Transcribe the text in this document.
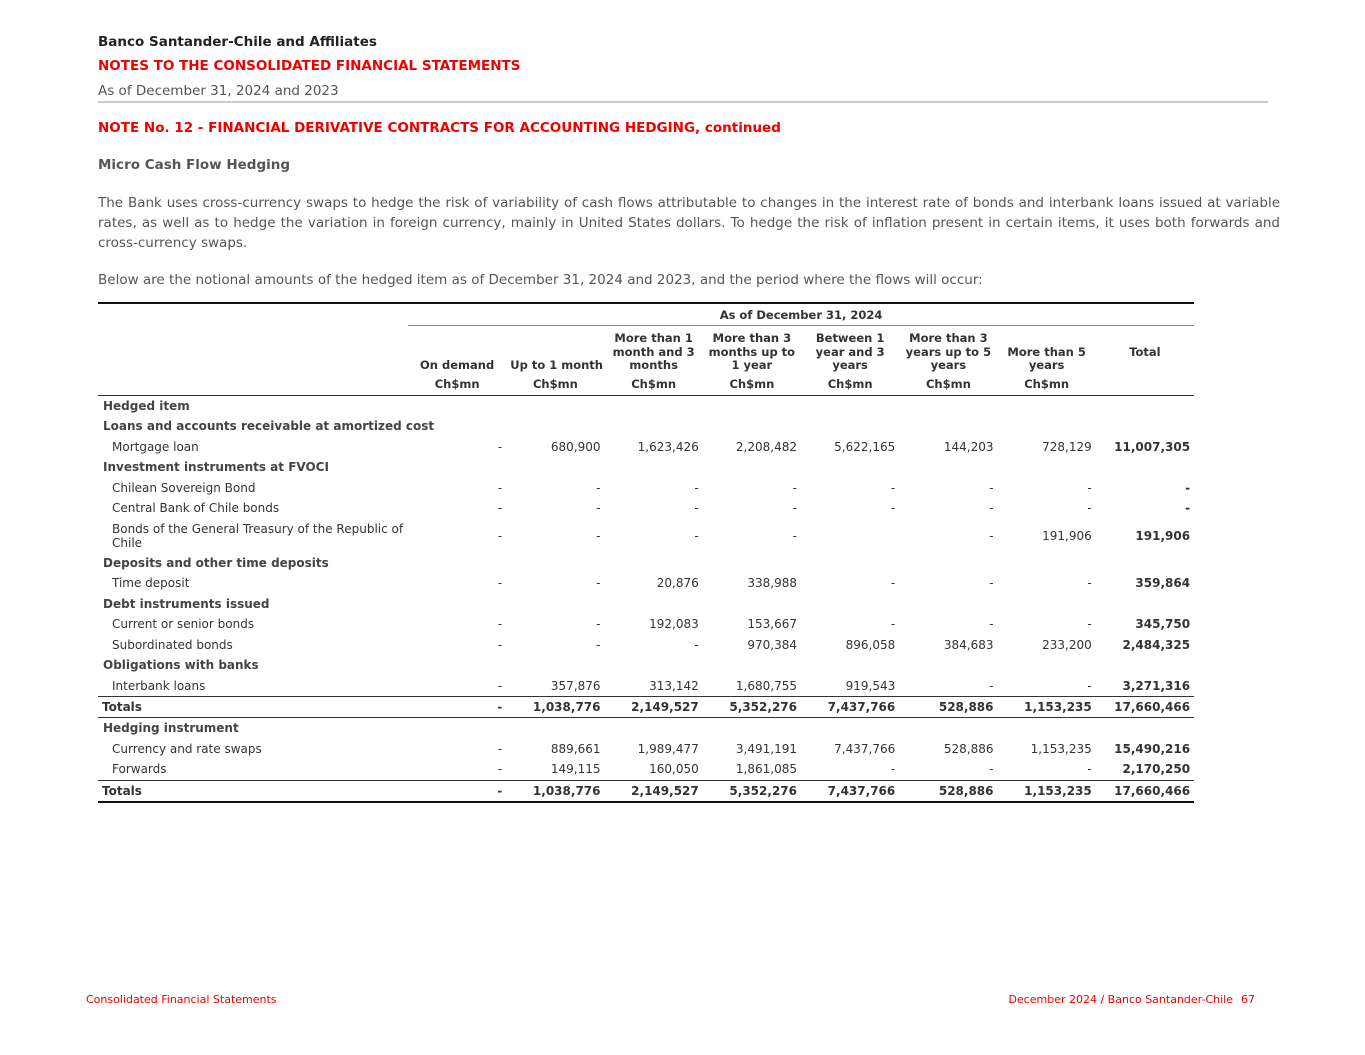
Banco Santander-Chile and Affiliates
NOTES TO THE CONSOLIDATED FINANCIAL STATEMENTS
As of December 31, 2024 and 2023
NOTE No. 12 - FINANCIAL DERIVATIVE CONTRACTS FOR ACCOUNTING HEDGING, continued
Micro Cash Flow Hedging
The Bank uses cross-currency swaps to hedge the risk of variability of cash flows attributable to changes in the interest rate of bonds and interbank loans issued at variable rates, as well as to hedge the variation in foreign currency, mainly in United States dollars. To hedge the risk of inflation present in certain items, it uses both forwards and cross-currency swaps.
Below are the notional amounts of the hedged item as of December 31, 2024 and 2023, and the period where the flows will occur:
	As of December 31, 2024							
	On demand	Up to 1 month	More than 1 month and 3 months	More than 3 months up to 1 year	Between 1 year and 3 years	More than 3 years up to 5 years	More than 5 years	Total
	Ch$mn	Ch$mn	Ch$mn	Ch$mn	Ch$mn	Ch$mn	Ch$mn	
Hedged item								
Loans and accounts receivable at amortized cost								
Mortgage loan	-	680,900	1,623,426	2,208,482	5,622,165	144,203	728,129	11,007,305
Investment instruments at FVOCI								
Chilean Sovereign Bond	-	-	-	-	-	-	-	-
Central Bank of Chile bonds	-	-	-	-	-	-	-	-
Bonds of the General Treasury of the Republic of Chile	-	-	-	-		-	191,906	191,906
Deposits and other time deposits								
Time deposit	-	-	20,876	338,988	-	-	-	359,864
Debt instruments issued								
Current or senior bonds	-	-	192,083	153,667	-	-	-	345,750
Subordinated bonds	-	-	-	970,384	896,058	384,683	233,200	2,484,325
Obligations with banks								
Interbank loans	-	357,876	313,142	1,680,755	919,543	-	-	3,271,316
Totals	-	1,038,776	2,149,527	5,352,276	7,437,766	528,886	1,153,235	17,660,466
Hedging instrument								
Currency and rate swaps	-	889,661	1,989,477	3,491,191	7,437,766	528,886	1,153,235	15,490,216
Forwards	-	149,115	160,050	1,861,085	-	-	-	2,170,250
Totals	-	1,038,776	2,149,527	5,352,276	7,437,766	528,886	1,153,235	17,660,466
Consolidated Financial Statements	December 2024 / Banco Santander-Chile 67
